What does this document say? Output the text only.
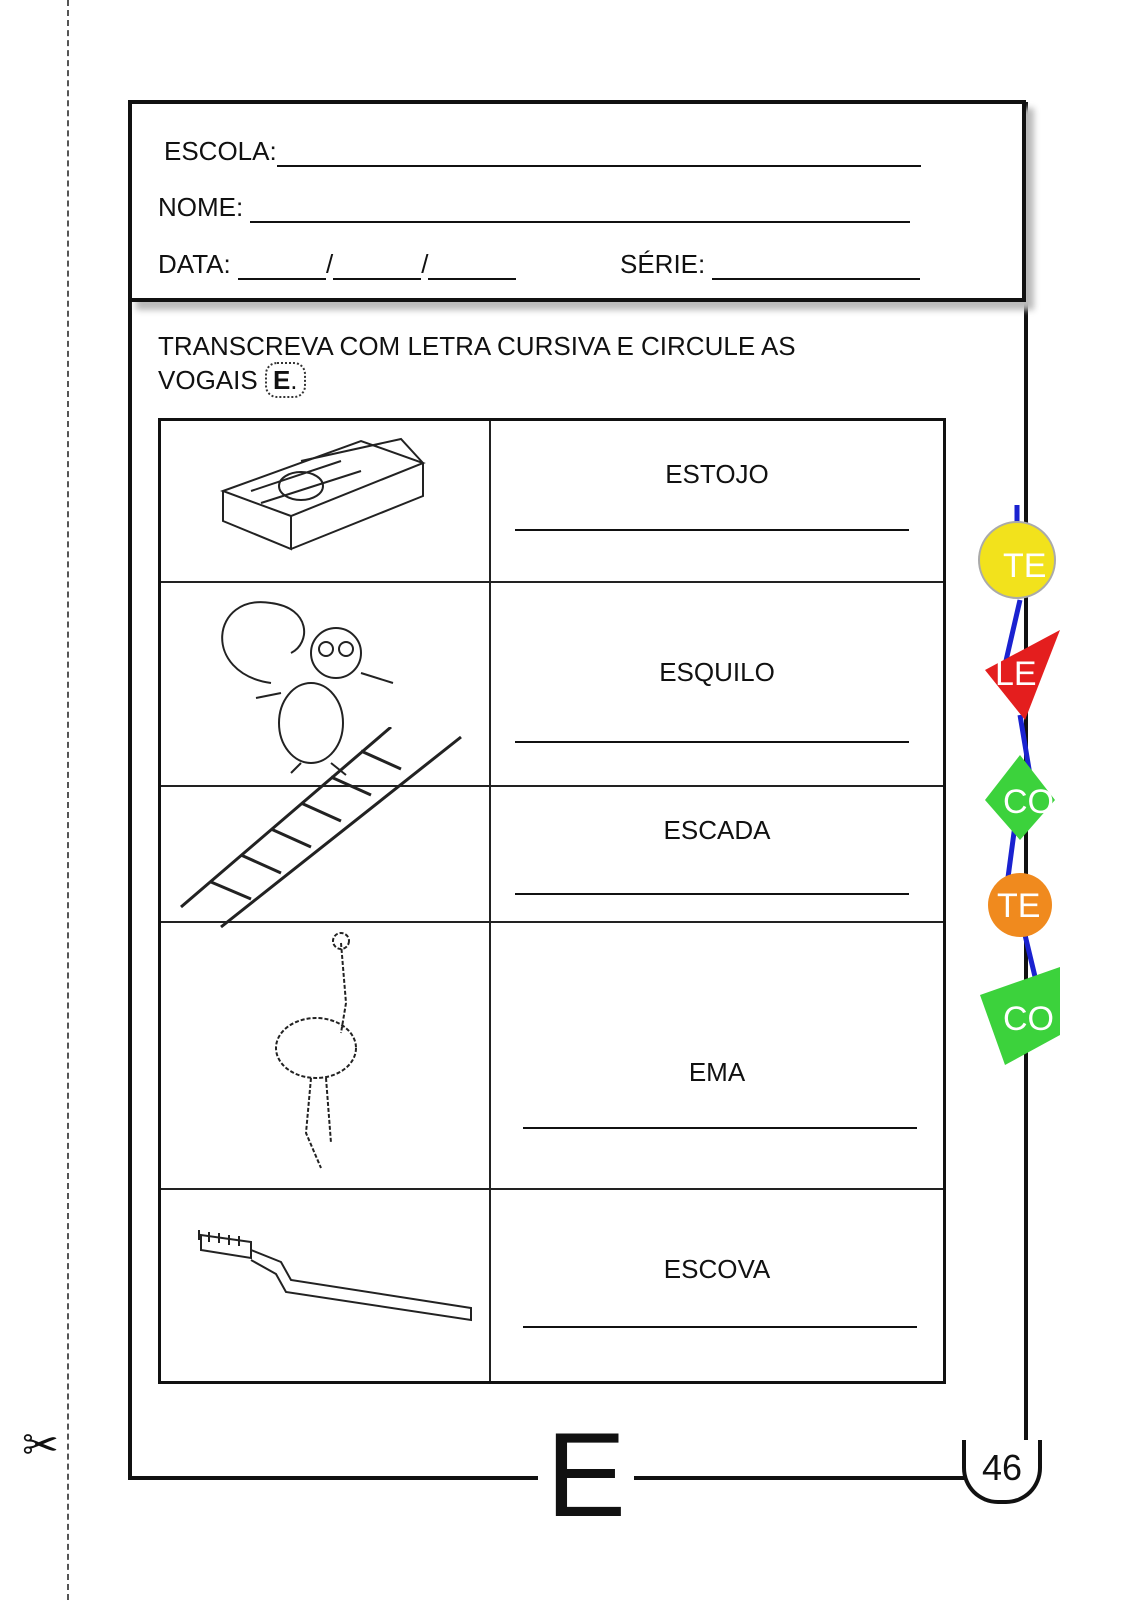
✂
ESCOLA:
NOME:
DATA:	/	/	SÉRIE:
TRANSCREVA COM LETRA CURSIVA E CIRCULE AS VOGAIS E.

ESTOJO

ESQUILO

ESCADA

EMA

ESCOVA
E	46
TE
LE
CO
TE
CO
